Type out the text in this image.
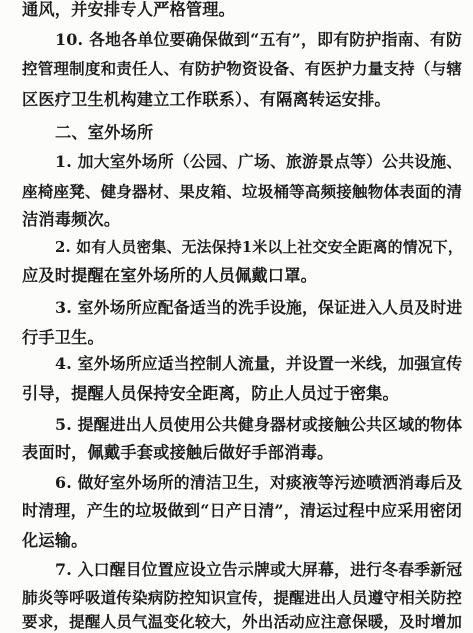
通风，并安排专人严格管理。
10. 各地各单位要确保做到“五有”，即有防护指南、有防
控管理制度和责任人、有防护物资设备、有医护力量支持（与辖
区医疗卫生机构建立工作联系）、有隔离转运安排。
二、室外场所
1. 加大室外场所（公园、广场、旅游景点等）公共设施、
座椅座凳、健身器材、果皮箱、垃圾桶等高频接触物体表面的清
洁消毒频次。
2. 如有人员密集、无法保持1米以上社交安全距离的情况下，
应及时提醒在室外场所的人员佩戴口罩。
3. 室外场所应配备适当的洗手设施，保证进入人员及时进
行手卫生。
4. 室外场所应适当控制人流量，并设置一米线，加强宣传
引导，提醒人员保持安全距离，防止人员过于密集。
5. 提醒进出人员使用公共健身器材或接触公共区域的物体
表面时，佩戴手套或接触后做好手部消毒。
6. 做好室外场所的清洁卫生，对痰液等污迹喷洒消毒后及
时清理，产生的垃圾做到“日产日清”，清运过程中应采用密闭
化运输。
7. 入口醒目位置应设立告示牌或大屏幕，进行冬春季新冠
肺炎等呼吸道传染病防控知识宣传，提醒进出人员遵守相关防控
要求，提醒人员气温变化较大，外出活动应注意保暖，及时增加
